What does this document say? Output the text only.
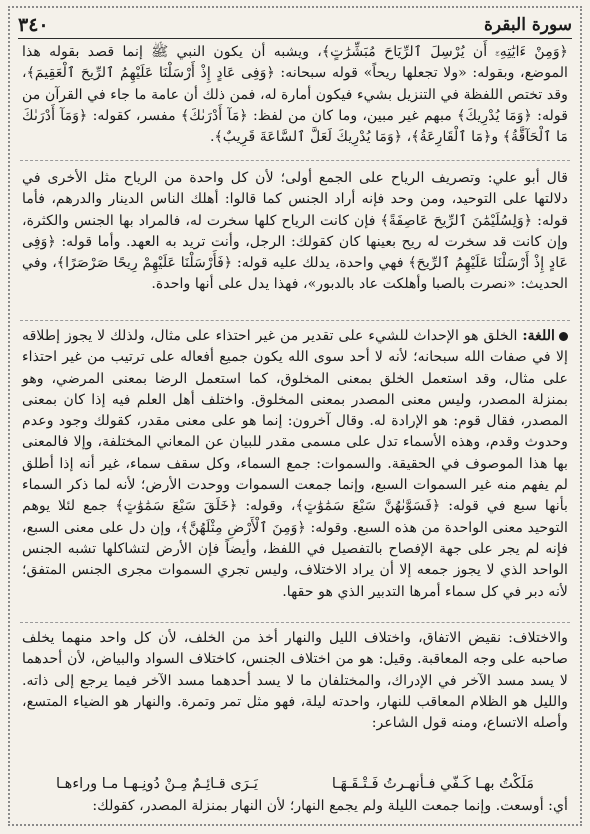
٣٤٠	سورة البقرة

﴿وَمِنْ ءَايَٰتِهِۦٓ أَن يُرْسِلَ ٱلرِّيَاحَ مُبَشِّرَٰتٍ﴾، ويشبه أن يكون النبي ﷺ إنما قصد بقوله هذا الموضع، وبقوله: «ولا تجعلها ريحاً» قوله سبحانه: ﴿وَفِى عَادٍ إِذْ أَرْسَلْنَا عَلَيْهِمُ ٱلرِّيحَ ٱلْعَقِيمَ﴾، وقد تختص اللفظة في التنزيل بشيء فيكون أمارة له، فمن ذلك أن عامة ما جاء في القرآن من قوله: ﴿وَمَا يُدْرِيكَ﴾ مبهم غير مبين، وما كان من لفظ: ﴿مَآ أَدْرَىٰكَ﴾ مفسر، كقوله: ﴿وَمَآ أَدْرَىٰكَ مَا ٱلْحَآقَّةُ﴾ و﴿مَا ٱلْقَارِعَةُ﴾، ﴿وَمَا يُدْرِيكَ لَعَلَّ ٱلسَّاعَةَ قَرِيبٌ﴾.

قال أبو علي: وتصريف الرياح على الجمع أولى؛ لأن كل واحدة من الرياح مثل الأخرى في دلالتها على التوحيد، ومن وحد فإنه أراد الجنس كما قالوا: أهلك الناس الدينار والدرهم، فأما قوله: ﴿وَلِسُلَيْمَٰنَ ٱلرِّيحَ عَاصِفَةً﴾ فإن كانت الرياح كلها سخرت له، فالمراد بها الجنس والكثرة، وإن كانت قد سخرت له ريح بعينها كان كقولك: الرجل، وأنت تريد به العهد. وأما قوله: ﴿وَفِى عَادٍ إِذْ أَرْسَلْنَا عَلَيْهِمُ ٱلرِّيحَ﴾ فهي واحدة، يدلك عليه قوله: ﴿فَأَرْسَلْنَا عَلَيْهِمْ رِيحًا صَرْصَرًا﴾، وفي الحديث: «نصرت بالصبا وأهلكت عاد بالدبور»، فهذا يدل على أنها واحدة.

اللغة: الخلق هو الإحداث للشيء على تقدير من غير احتذاء على مثال، ولذلك لا يجوز إطلاقه إلا في صفات الله سبحانه؛ لأنه لا أحد سوى الله يكون جميع أفعاله على ترتيب من غير احتذاء على مثال، وقد استعمل الخلق بمعنى المخلوق، كما استعمل الرضا بمعنى المرضي، وهو بمنزلة المصدر، وليس معنى المصدر بمعنى المخلوق. واختلف أهل العلم فيه إذا كان بمعنى المصدر، فقال قوم: هو الإرادة له. وقال آخرون: إنما هو على معنى مقدر، كقولك وجود وعدم وحدوث وقدم، وهذه الأسماء تدل على مسمى مقدر للبيان عن المعاني المختلفة، وإلا فالمعنى بها هذا الموصوف في الحقيقة. والسموات: جمع السماء، وكل سقف سماء، غير أنه إذا أطلق لم يفهم منه غير السموات السبع، وإنما جمعت السموات ووحدت الأرض؛ لأنه لما ذكر السماء بأنها سبع في قوله: ﴿فَسَوَّىٰهُنَّ سَبْعَ سَمَٰوَٰتٍ﴾، وقوله: ﴿خَلَقَ سَبْعَ سَمَٰوَٰتٍ﴾ جمع لئلا يوهم التوحيد معنى الواحدة من هذه السبع. وقوله: ﴿وَمِنَ ٱلْأَرْضِ مِثْلَهُنَّ﴾، وإن دل على معنى السبع، فإنه لم يجر على جهة الإفصاح بالتفصيل في اللفظ، وأيضاً فإن الأرض لتشاكلها تشبه الجنس الواحد الذي لا يجوز جمعه إلا أن يراد الاختلاف، وليس تجري السموات مجرى الجنس المتفق؛ لأنه دبر في كل سماء أمرها التدبير الذي هو حقها.

والاختلاف: نقيض الاتفاق، واختلاف الليل والنهار أخذ من الخلف، لأن كل واحد منهما يخلف صاحبه على وجه المعاقبة. وقيل: هو من اختلاف الجنس، كاختلاف السواد والبياض، لأن أحدهما لا يسد مسد الآخر في الإدراك، والمختلفان ما لا يسد أحدهما مسد الآخر فيما يرجع إلى ذاته. والليل هو الظلام المعاقب للنهار، واحدته ليلة، فهو مثل تمر وتمرة. والنهار هو الضياء المتسع، وأصله الاتساع، ومنه قول الشاعر:

مَلَكْتُ بهـا كَـفّي فـأنهـرتُ فَـتْـقَـهَـا
يَـرَى قـائِـمٌ مِـنْ دُونِـهـا مـا وراءهـا
أي: أوسعت. وإنما جمعت الليلة ولم يجمع النهار؛ لأن النهار بمنزلة المصدر، كقولك:
